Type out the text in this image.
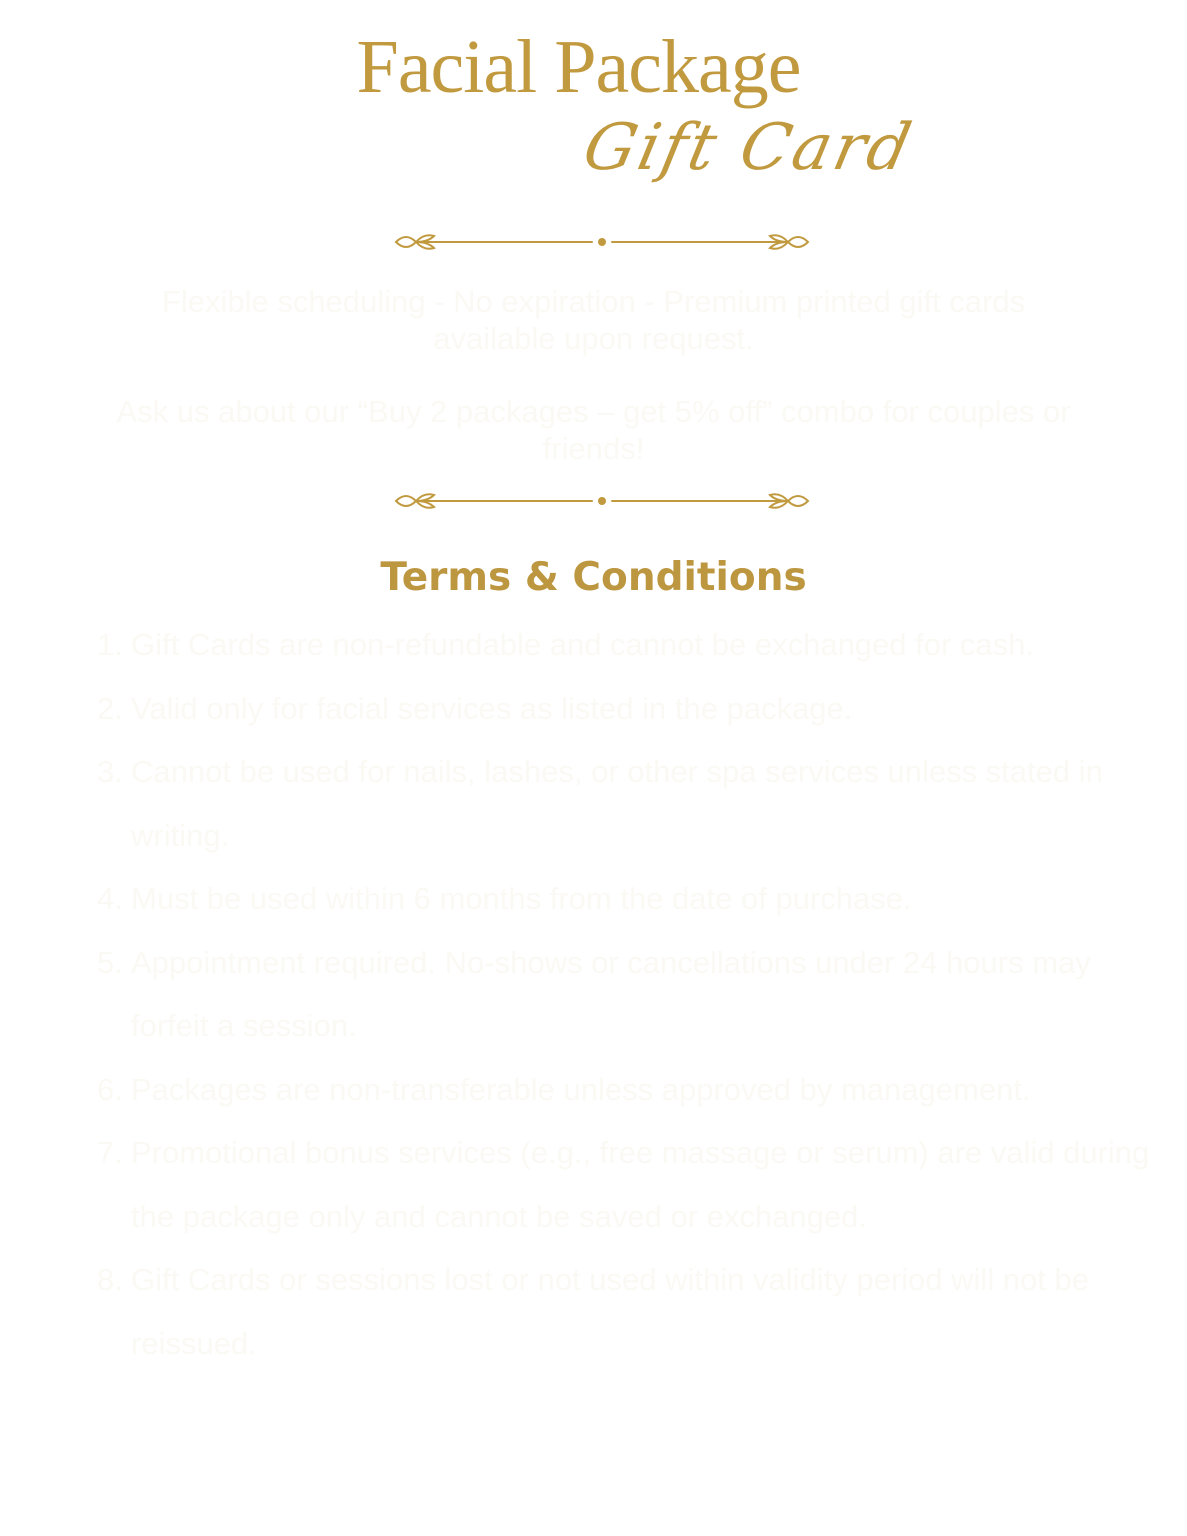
Facial Package
Gift Card

Flexible scheduling - No expiration - Premium printed gift cards available upon request.

Ask us about our “Buy 2 packages – get 5% off” combo for couples or friends!

Terms & Conditions
1. Gift Cards are non-refundable and cannot be exchanged for cash.
2. Valid only for facial services as listed in the package.
3. Cannot be used for nails, lashes, or other spa services unless stated in writing.
4. Must be used within 6 months from the date of purchase.
5. Appointment required. No-shows or cancellations under 24 hours may forfeit a session.
6. Packages are non-transferable unless approved by management.
7. Promotional bonus services (e.g., free massage or serum) are valid during the package only and cannot be saved or exchanged.
8. Gift Cards or sessions lost or not used within validity period will not be reissued.
